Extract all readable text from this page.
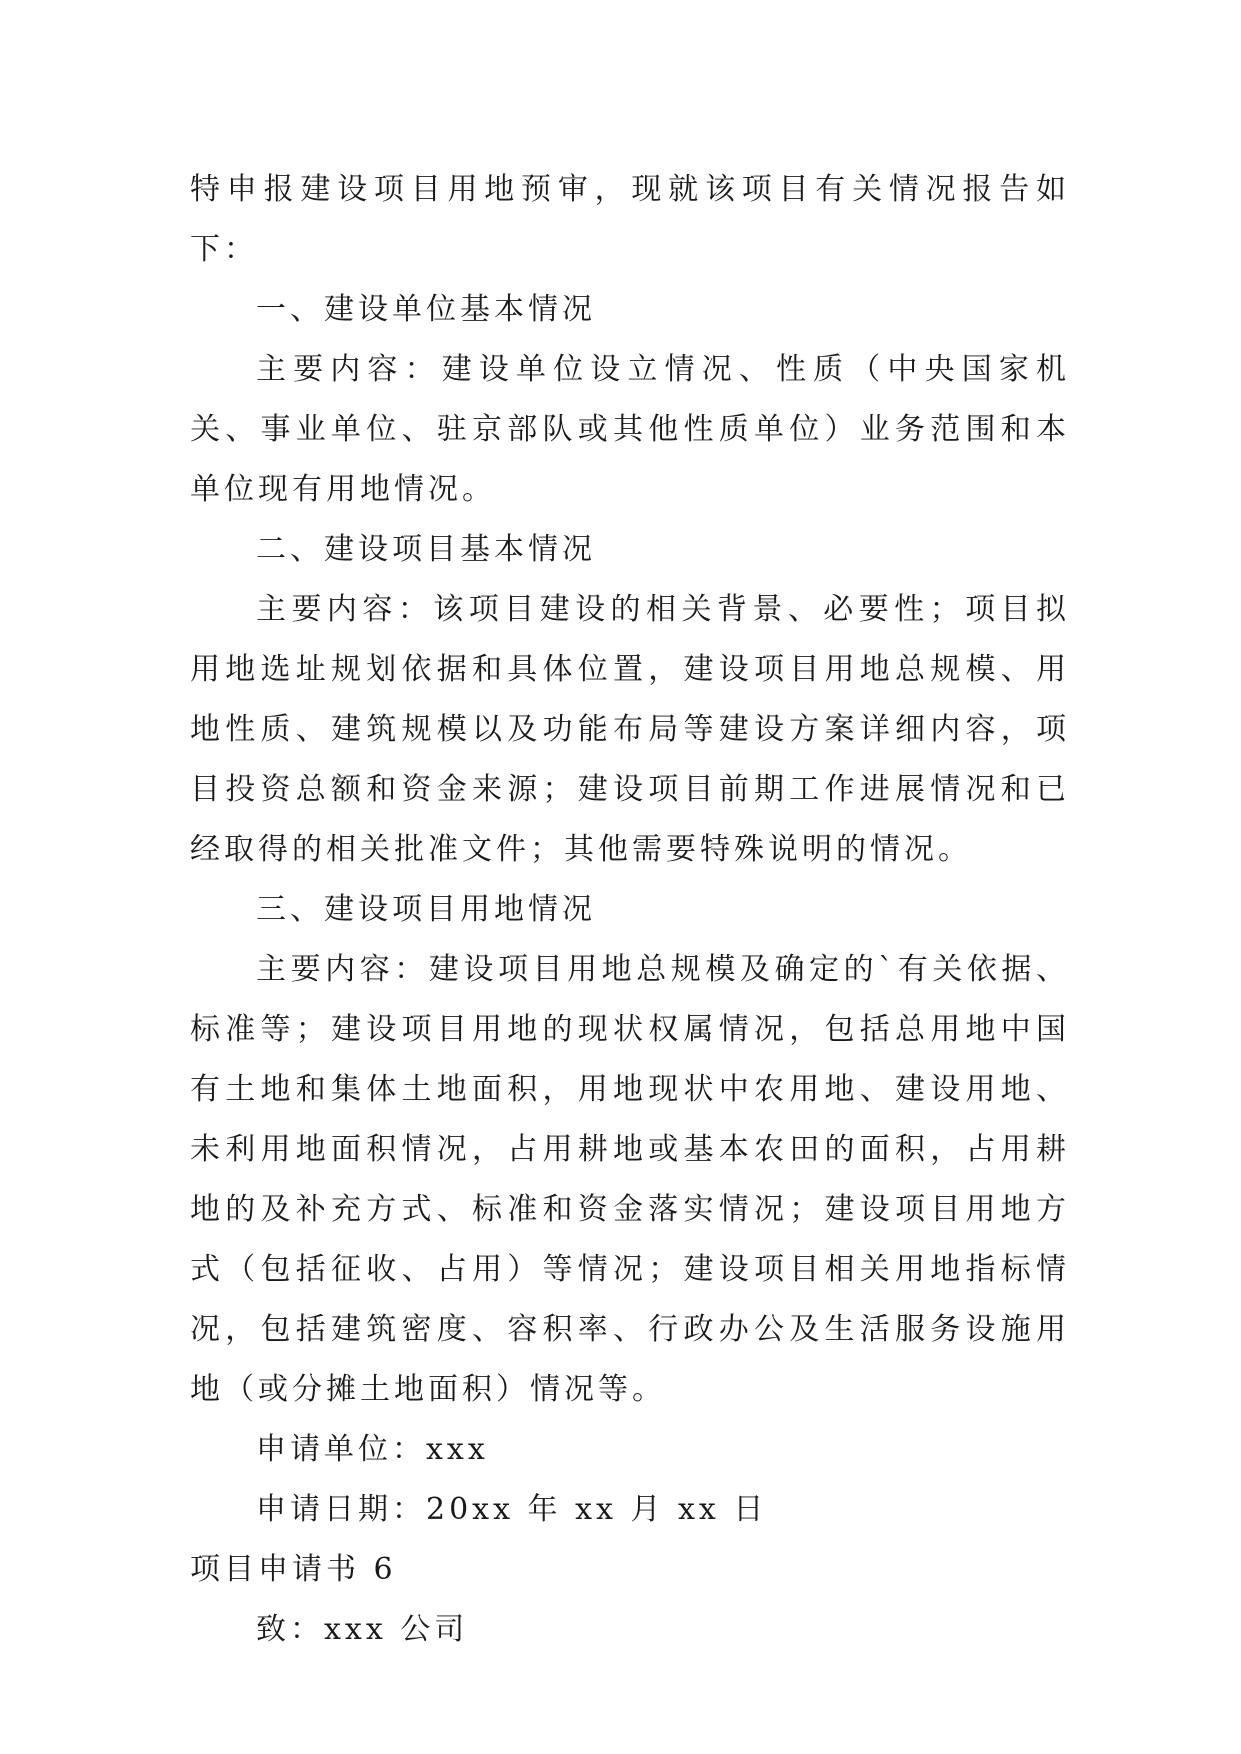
特申报建设项目用地预审，现就该项目有关情况报告如下：

一、建设单位基本情况

主要内容：建设单位设立情况、性质（中央国家机关、事业单位、驻京部队或其他性质单位）业务范围和本单位现有用地情况。

二、建设项目基本情况

主要内容：该项目建设的相关背景、必要性；项目拟用地选址规划依据和具体位置，建设项目用地总规模、用地性质、建筑规模以及功能布局等建设方案详细内容，项目投资总额和资金来源；建设项目前期工作进展情况和已经取得的相关批准文件；其他需要特殊说明的情况。

三、建设项目用地情况

主要内容：建设项目用地总规模及确定的`有关依据、标准等；建设项目用地的现状权属情况，包括总用地中国有土地和集体土地面积，用地现状中农用地、建设用地、未利用地面积情况，占用耕地或基本农田的面积，占用耕地的及补充方式、标准和资金落实情况；建设项目用地方式（包括征收、占用）等情况；建设项目相关用地指标情况，包括建筑密度、容积率、行政办公及生活服务设施用地（或分摊土地面积）情况等。

申请单位：xxx

申请日期：20xx 年 xx 月 xx 日

项目申请书 6

致：xxx 公司
